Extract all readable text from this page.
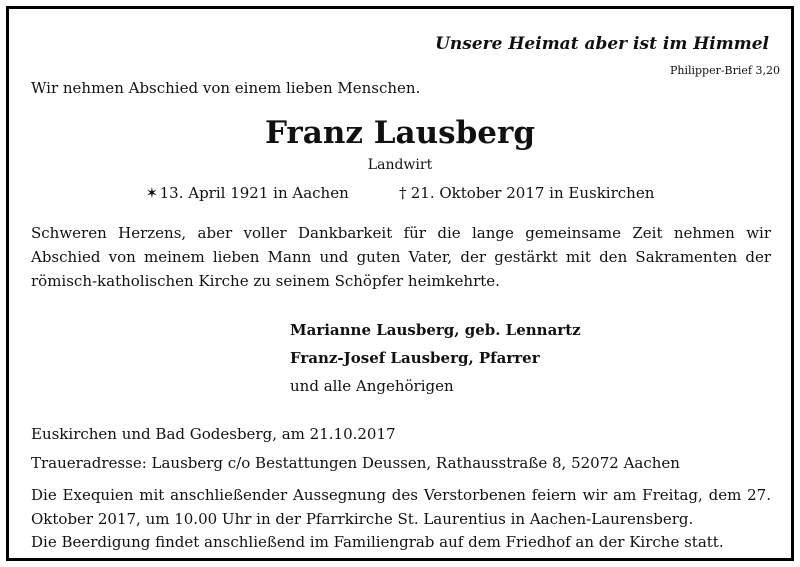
Unsere Heimat aber ist im Himmel
Philipper-Brief 3,20
Wir nehmen Abschied von einem lieben Menschen.
Franz Lausberg
Landwirt
✶13. April 1921 in Aachen	† 21. Oktober 2017 in Euskirchen
Schweren Herzens, aber voller Dankbarkeit für die lange gemeinsame Zeit nehmen wir Abschied von meinem lieben Mann und guten Vater, der gestärkt mit den Sakramenten der römisch-katholischen Kirche zu seinem Schöpfer heimkehrte.
Marianne Lausberg, geb. Lennartz
Franz-Josef Lausberg, Pfarrer
und alle Angehörigen
Euskirchen und Bad Godesberg, am 21.10.2017
Traueradresse: Lausberg c/o Bestattungen Deussen, Rathausstraße 8, 52072 Aachen
Die Exequien mit anschließender Aussegnung des Verstorbenen feiern wir am Freitag, dem 27. Oktober 2017, um 10.00 Uhr in der Pfarrkirche St. Laurentius in Aachen-Laurensberg.
Die Beerdigung findet anschließend im Familiengrab auf dem Friedhof an der Kirche statt.
